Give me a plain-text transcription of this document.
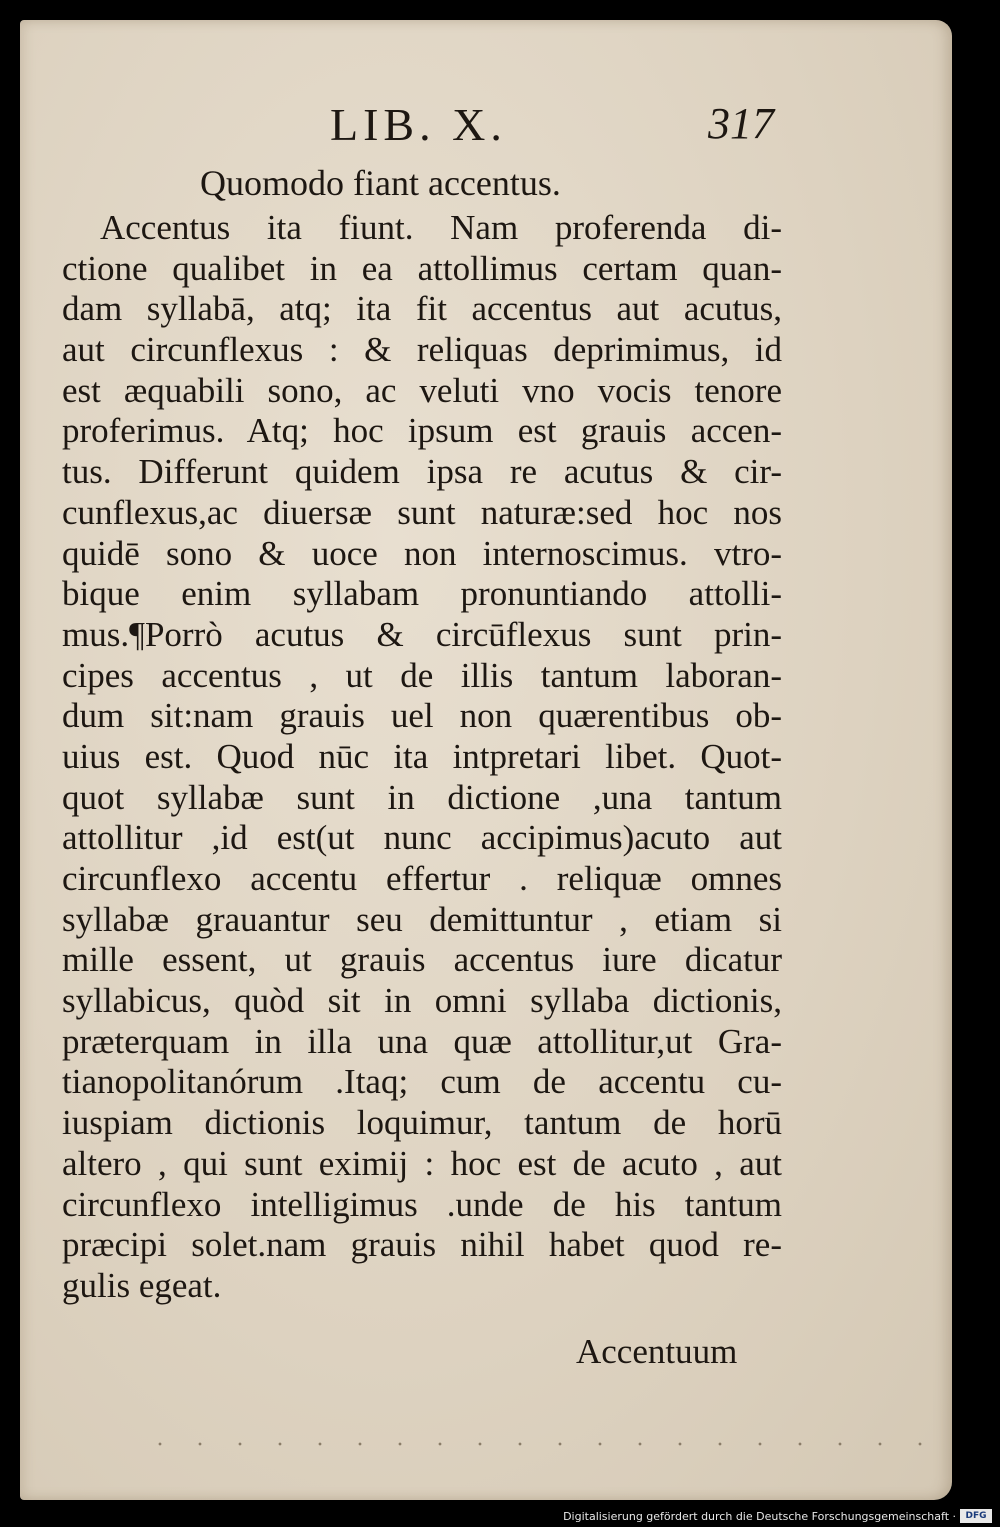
LIB. X.	317
Quomodo fiant accentus.
Accentus ita fiunt. Nam proferenda di-
ctione qualibet in ea attollimus certam quan-
dam syllabā, atq; ita fit accentus aut acutus,
aut circunflexus : & reliquas deprimimus, id
est æquabili sono, ac veluti vno vocis tenore
proferimus. Atq; hoc ipsum est grauis accen-
tus. Differunt quidem ipsa re acutus & cir-
cunflexus,ac diuersæ sunt naturæ:sed hoc nos
quidē sono & uoce non internoscimus. vtro-
bique enim syllabam pronuntiando attolli-
mus.¶Porrò acutus & circūflexus sunt prin-
cipes accentus , ut de illis tantum laboran-
dum sit:nam grauis uel non quærentibus ob-
uius est. Quod nūc ita intpretari libet. Quot-
quot syllabæ sunt in dictione ,una tantum
attollitur ,id est(ut nunc accipimus)acuto aut
circunflexo accentu effertur . reliquæ omnes
syllabæ grauantur seu demittuntur , etiam si
mille essent, ut grauis accentus iure dicatur
syllabicus, quòd sit in omni syllaba dictionis,
præterquam in illa una quæ attollitur,ut Gra-
tianopolitanórum .Itaq; cum de accentu cu-
iuspiam dictionis loquimur, tantum de horū
altero , qui sunt eximij : hoc est de acuto , aut
circunflexo intelligimus .unde de his tantum
præcipi solet.nam grauis nihil habet quod re-
gulis egeat.
Accentuum
Digitalisierung gefördert durch die Deutsche Forschungsgemeinschaft ·	DFG
